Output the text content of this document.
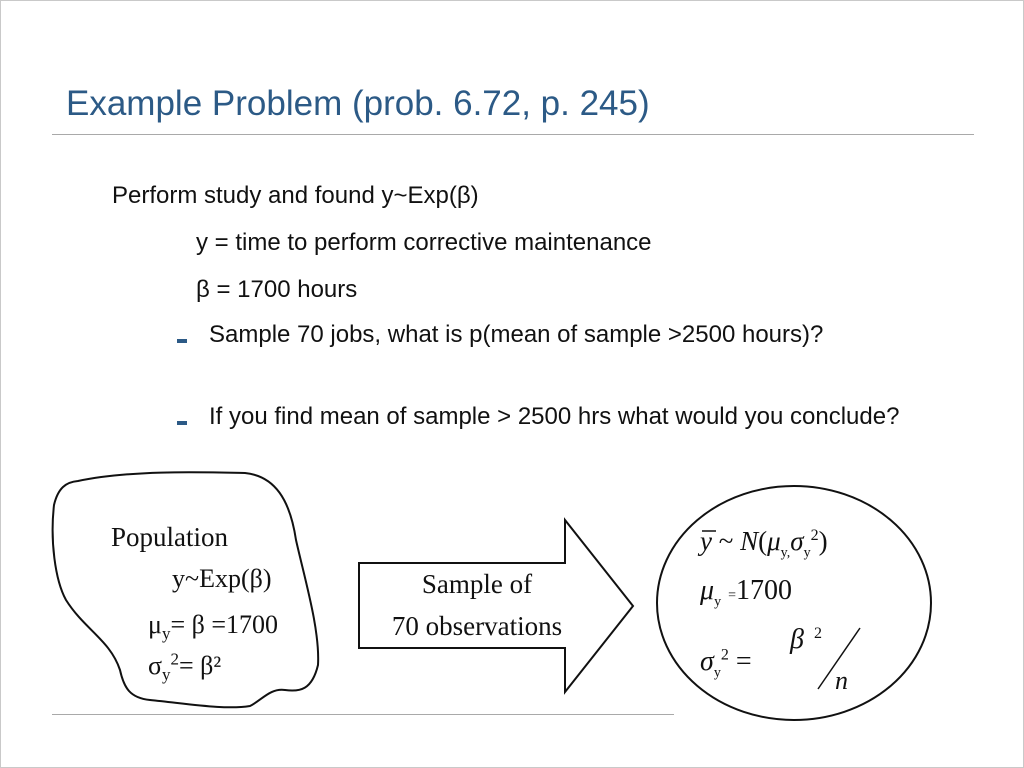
Example Problem (prob. 6.72, p. 245)
Perform study and found y~Exp(β)
y = time to perform corrective maintenance
β = 1700 hours
Sample 70 jobs, what is p(mean of sample >2500 hours)?
If you find mean of sample > 2500 hrs what would you conclude?
Population
y~Exp(β)
$\mu_y= \beta =1700$
$\sigma_y^2= \beta^2$
Sample of
70 observations
y ~ $N(\mu_{y,}\sigma_y^2)$
$\mu_y =1700$
$\sigma_y^2$ =
β $^2$
n
